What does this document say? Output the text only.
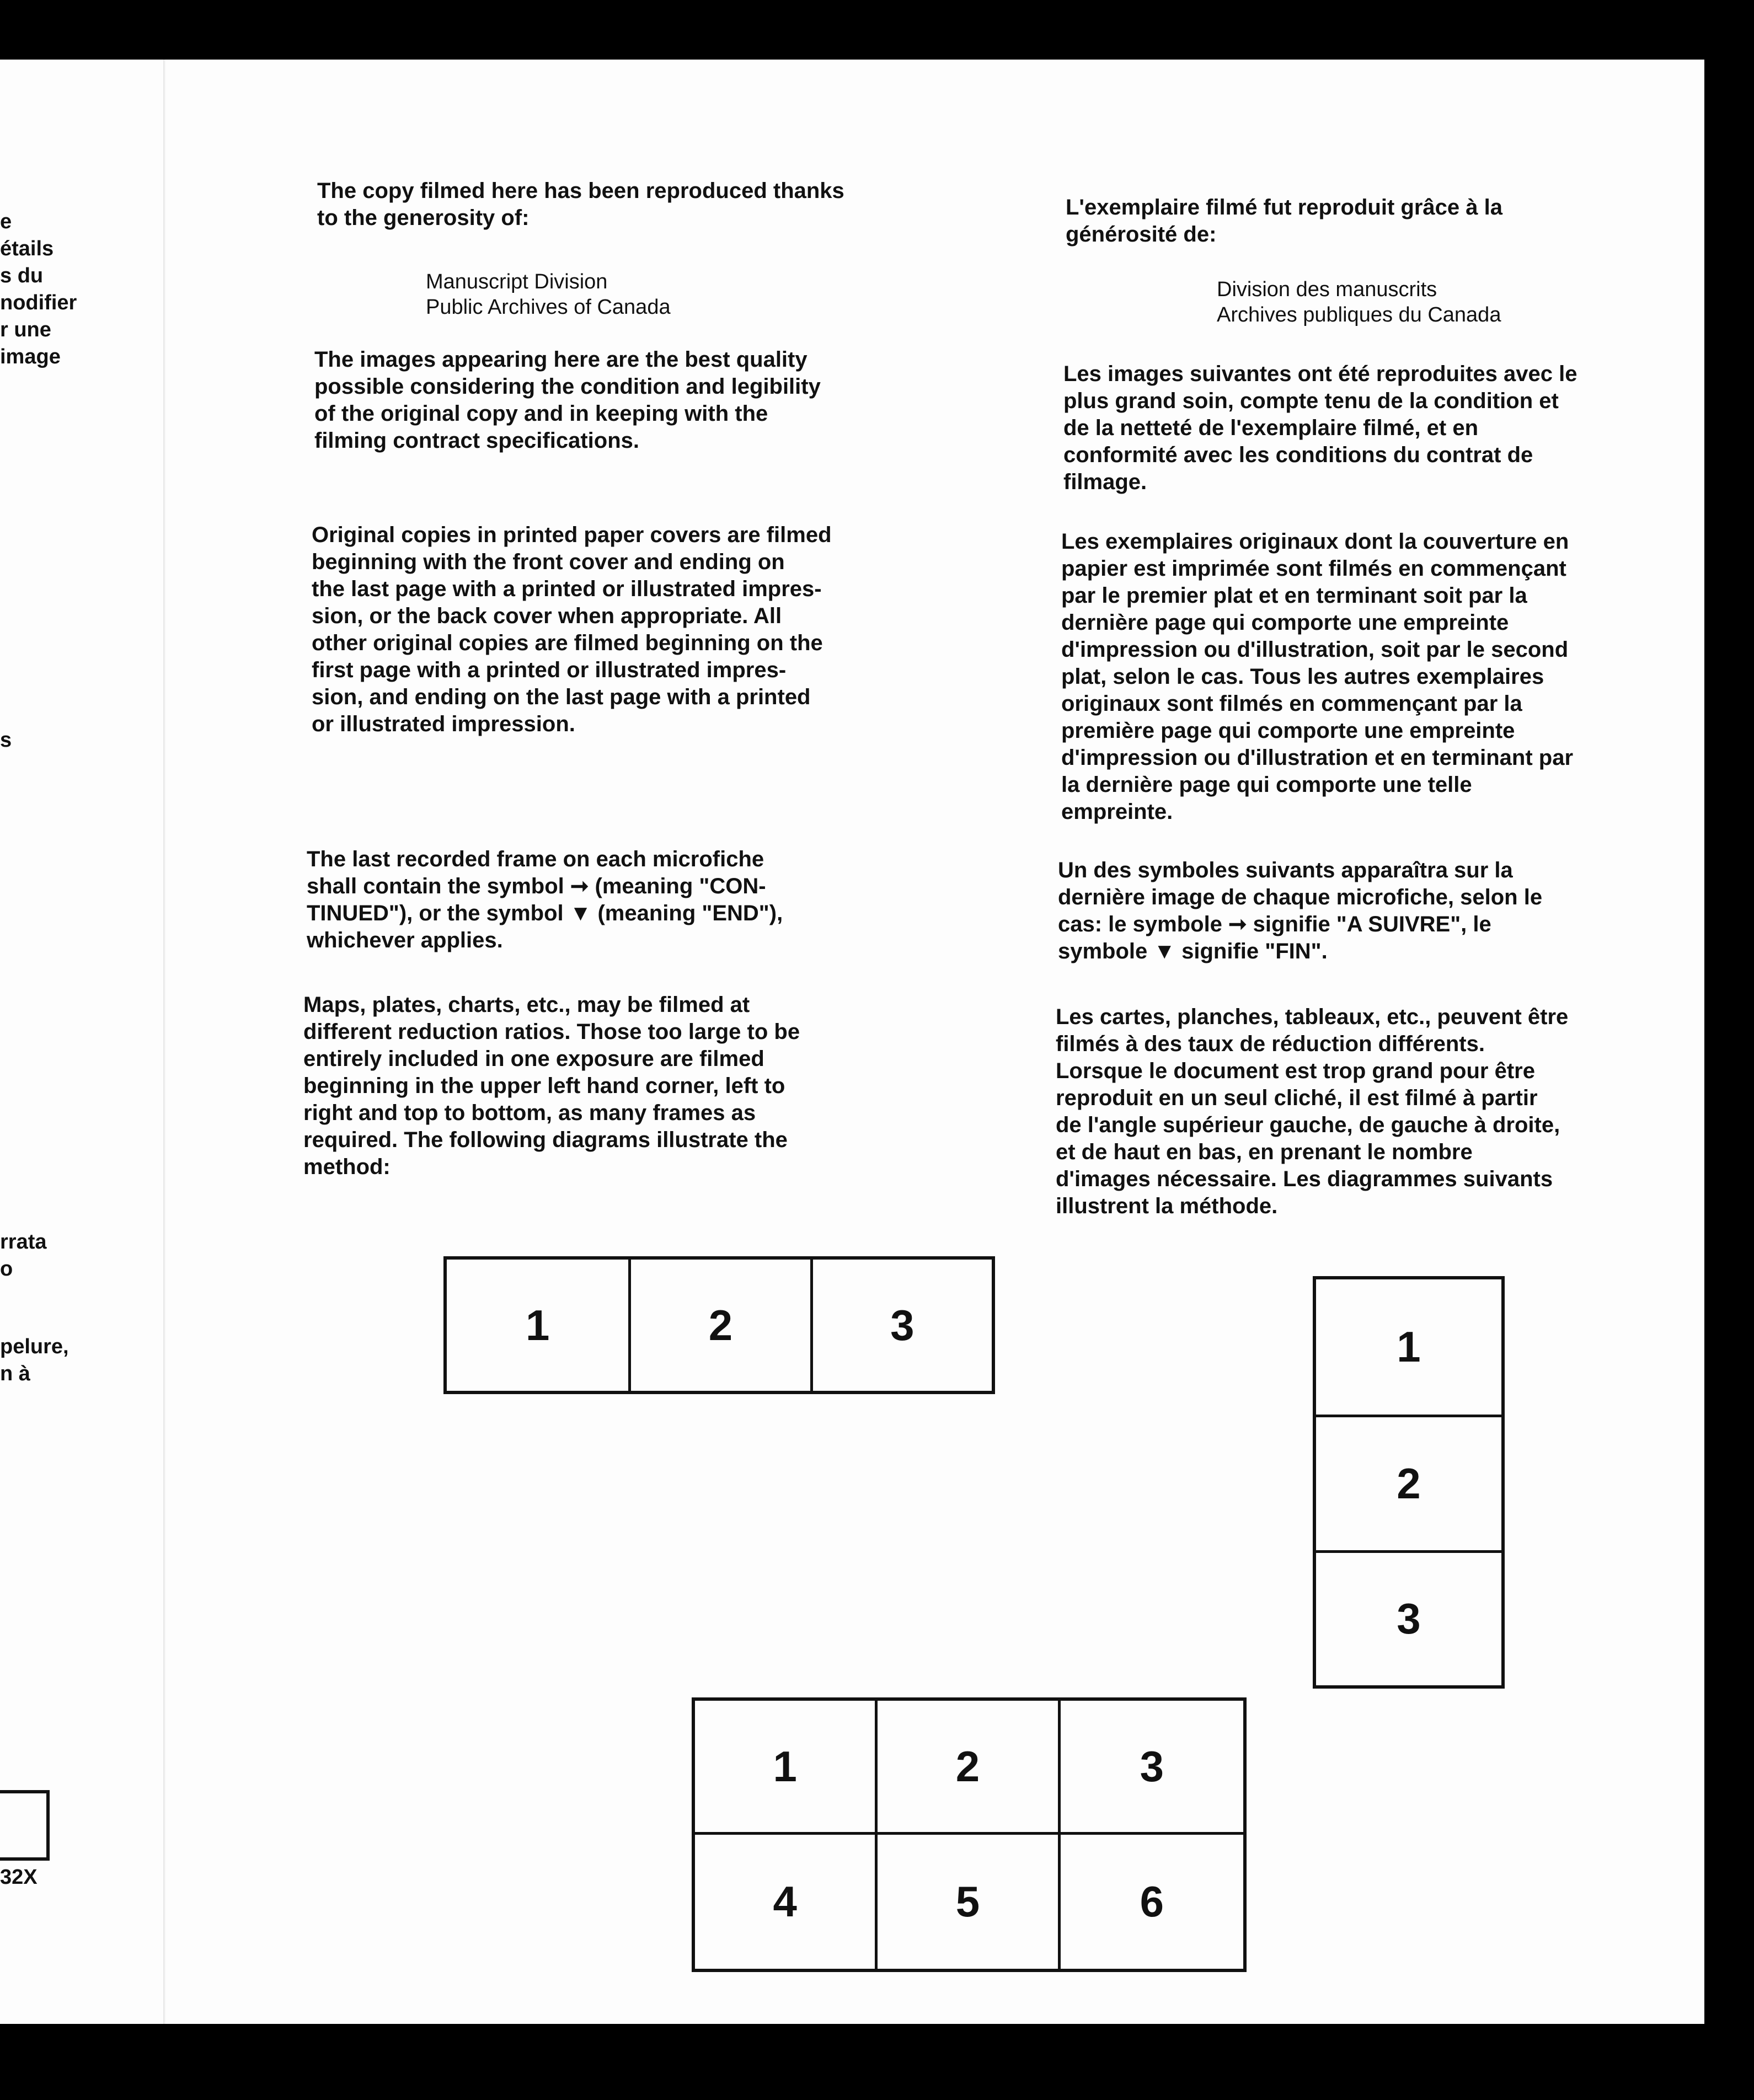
e
étails
s du
nodifier
r une
image
s
rrata
o
pelure,
n à
32X
The copy filmed here has been reproduced thanks
to the generosity of:
Manuscript Division
Public Archives of Canada
The images appearing here are the best quality
possible considering the condition and legibility
of the original copy and in keeping with the
filming contract specifications.
Original copies in printed paper covers are filmed
beginning with the front cover and ending on
the last page with a printed or illustrated impres-
sion, or the back cover when appropriate. All
other original copies are filmed beginning on the
first page with a printed or illustrated impres-
sion, and ending on the last page with a printed
or illustrated impression.
The last recorded frame on each microfiche
shall contain the symbol ➞ (meaning "CON-
TINUED"), or the symbol ▼ (meaning "END"),
whichever applies.
Maps, plates, charts, etc., may be filmed at
different reduction ratios. Those too large to be
entirely included in one exposure are filmed
beginning in the upper left hand corner, left to
right and top to bottom, as many frames as
required. The following diagrams illustrate the
method:
L'exemplaire filmé fut reproduit grâce à la
générosité de:
Division des manuscrits
Archives publiques du Canada
Les images suivantes ont été reproduites avec le
plus grand soin, compte tenu de la condition et
de la netteté de l'exemplaire filmé, et en
conformité avec les conditions du contrat de
filmage.
Les exemplaires originaux dont la couverture en
papier est imprimée sont filmés en commençant
par le premier plat et en terminant soit par la
dernière page qui comporte une empreinte
d'impression ou d'illustration, soit par le second
plat, selon le cas. Tous les autres exemplaires
originaux sont filmés en commençant par la
première page qui comporte une empreinte
d'impression ou d'illustration et en terminant par
la dernière page qui comporte une telle
empreinte.
Un des symboles suivants apparaîtra sur la
dernière image de chaque microfiche, selon le
cas: le symbole ➞ signifie "A SUIVRE", le
symbole ▼ signifie "FIN".
Les cartes, planches, tableaux, etc., peuvent être
filmés à des taux de réduction différents.
Lorsque le document est trop grand pour être
reproduit en un seul cliché, il est filmé à partir
de l'angle supérieur gauche, de gauche à droite,
et de haut en bas, en prenant le nombre
d'images nécessaire. Les diagrammes suivants
illustrent la méthode.
1	2	3	1
2
3
1	2	3
4	5	6
